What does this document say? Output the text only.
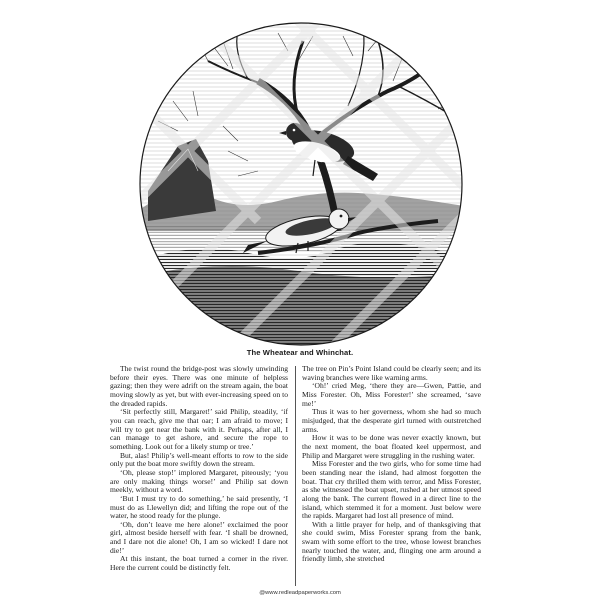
The Wheatear and Whinchat.

The twist round the bridge-post was slowly unwinding before their eyes. There was one minute of helpless gazing; then they were adrift on the stream again, the boat moving slowly as yet, but with ever-increasing speed on to the dreaded rapids.

‘Sit perfectly still, Margaret!’ said Philip, steadily, ‘if you can reach, give me that oar; I am afraid to move; I will try to get near the bank with it. Perhaps, after all, I can manage to get ashore, and secure the rope to something. Look out for a likely stump or tree.’

But, alas! Philip’s well-meant efforts to row to the side only put the boat more swiftly down the stream.

‘Oh, please stop!’ implored Margaret, piteously; ‘you are only making things worse!’ and Philip sat down meekly, without a word.

‘But I must try to do something,’ he said presently, ‘I must do as Llewellyn did; and lifting the rope out of the water, he stood ready for the plunge.

‘Oh, don’t leave me here alone!’ exclaimed the poor girl, almost beside herself with fear. ‘I shall be drowned, and I dare not die alone! Oh, I am so wicked! I dare not die!’

At this instant, the boat turned a corner in the river. Here the current could be distinctly felt.

The tree on Pin’s Point Island could be clearly seen; and its waving branches were like warning arms.

‘Oh!’ cried Meg, ‘there they are—Gwen, Pattie, and Miss Forester. Oh, Miss Forester!’ she screamed, ‘save me!’

Thus it was to her governess, whom she had so much misjudged, that the desperate girl turned with outstretched arms.

How it was to be done was never exactly known, but the next moment, the boat floated keel uppermost, and Philip and Margaret were struggling in the rushing water.

Miss Forester and the two girls, who for some time had been standing near the island, had almost forgotten the boat. That cry thrilled them with terror, and Miss Forester, as she witnessed the boat upset, rushed at her utmost speed along the bank. The current flowed in a direct line to the island, which stemmed it for a moment. Just below were the rapids. Margaret had lost all presence of mind.

With a little prayer for help, and of thanksgiving that she could swim, Miss Forester sprang from the bank, swam with some effort to the tree, whose lowest branches nearly touched the water, and, flinging one arm around a friendly limb, she stretched

@www.redleadpaperworks.com
